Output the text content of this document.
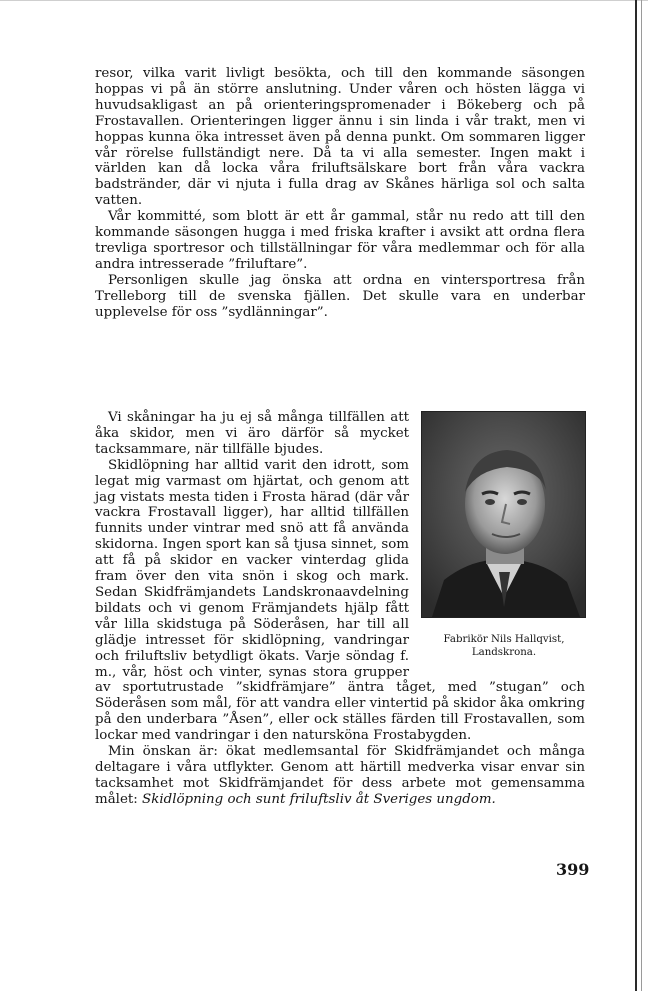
resor, vilka varit livligt besökta, och till den kommande säsongen hoppas vi på än större anslutning. Under våren och hösten lägga vi huvudsakligast an på orienteringspromenader i Bökeberg och på Frostavallen. Orienteringen ligger ännu i sin linda i vår trakt, men vi hoppas kunna öka intresset även på denna punkt. Om sommaren ligger vår rörelse fullständigt nere. Då ta vi alla semester. Ingen makt i världen kan då locka våra friluftsälskare bort från våra vackra badstränder, där vi njuta i fulla drag av Skånes härliga sol och salta vatten.

Vår kommitté, som blott är ett år gammal, står nu redo att till den kommande säsongen hugga i med friska krafter i avsikt att ordna flera trevliga sportresor och tillställningar för våra medlemmar och för alla andra intresserade ”friluftare”.

Personligen skulle jag önska att ordna en vintersportresa från Trelleborg till de svenska fjällen. Det skulle vara en underbar upplevelse för oss ”sydlänningar”.

Vi skåningar ha ju ej så många tillfällen att åka skidor, men vi äro därför så mycket tacksammare, när tillfälle bjudes.

Skidlöpning har alltid varit den idrott, som legat mig varmast om hjärtat, och genom att jag vistats mesta tiden i Frosta härad (där vår vackra Frostavall ligger), har alltid tillfällen funnits under vintrar med snö att få använda skidorna. Ingen sport kan så tjusa sinnet, som att få på skidor en vacker vinterdag glida fram över den vita snön i skog och mark. Sedan Skidfrämjandets Landskronaavdelning bildats och vi genom Främjandets hjälp fått vår lilla skidstuga på Söderåsen, har till all glädje intresset för skidlöpning, vandringar och friluftsliv betydligt ökats. Varje söndag f. m., vår, höst och vinter, synas stora grupper av sportutrustade ”skidfrämjare” äntra tåget, med ”stugan” och Söderåsen som mål, för att vandra eller vintertid på skidor åka omkring på den underbara ”Åsen”, eller ock ställes färden till Frostavallen, som lockar med vandringar i den natursköna Frostabygden.

Min önskan är: ökat medlemsantal för Skidfrämjandet och många deltagare i våra utflykter. Genom att härtill medverka visar envar sin tacksamhet mot Skidfrämjandet för dess arbete mot gemensamma målet: Skidlöpning och sunt friluftsliv åt Sveriges ungdom.

Fabrikör Nils Hallqvist,
Landskrona.
399
